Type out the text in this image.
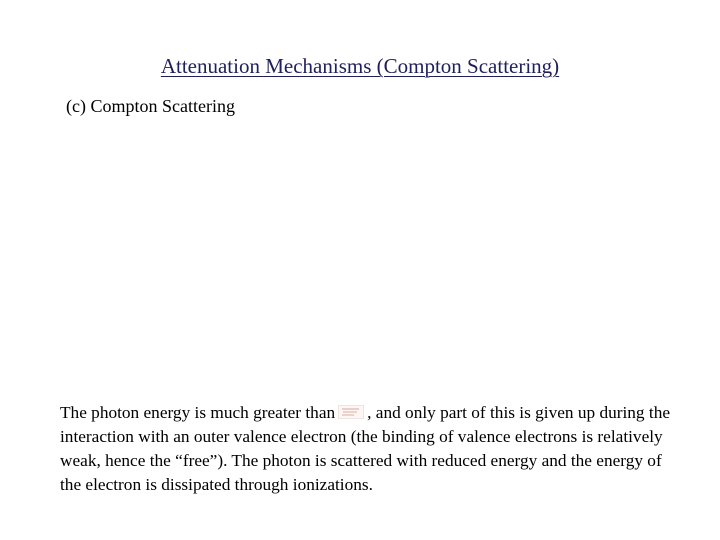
Attenuation Mechanisms (Compton Scattering)

(c) Compton Scattering

The photon energy is much greater than , and only part of this is given up during the interaction with an outer valence electron (the binding of valence electrons is relatively weak, hence the “free”). The photon is scattered with reduced energy and the energy of the electron is dissipated through ionizations.
